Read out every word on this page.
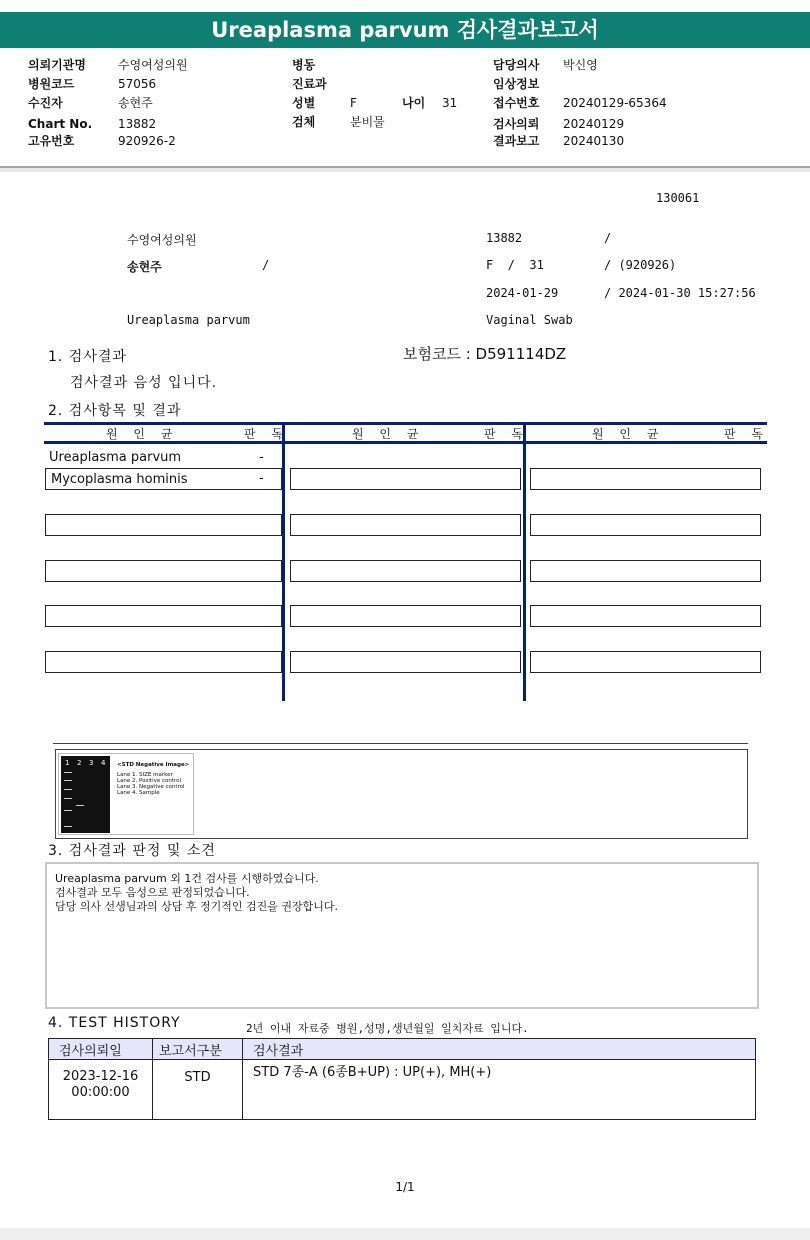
Ureaplasma parvum 검사결과보고서
의뢰기관명	수영여성의원
병원코드	57056
수진자	송현주
Chart No. 13882
고유번호	920926-2
병동
진료과
성별	F	나이 31
검체	분비물
담당의사 박신영
임상정보
접수번호 20240129-65364
검사의뢰 20240129
결과보고 20240130
130061
수영여성의원	13882	/
송현주	/	F  /  31	/ (920926)
2024-01-29	/ 2024-01-30 15:27:56
Ureaplasma parvum	Vaginal Swab
1. 검사결과	보험코드 : D591114DZ
검사결과 음성 입니다.
2. 검사항목 및 결과
원 인 균	판 독	원 인 균	판 독	원 인 균	판 독
Ureaplasma parvum	-
Mycoplasma hominis	-
1 2 3 4 <STD Negative Image>
Lane 1. SIZE marker
Lane 2. Positive control
Lane 3. Negative control
Lane 4. Sample
3. 검사결과 판정 및 소견
Ureaplasma parvum 외 1건 검사를 시행하였습니다.
검사결과 모두 음성으로 판정되었습니다.
담당 의사 선생님과의 상담 후 정기적인 검진을 권장합니다.
4. TEST HISTORY	2년 이내 자료중 병원,성명,생년월일 일치자료 입니다.
검사의뢰일	보고서구분	검사결과

2023-12-16
00:00:00	STD	STD 7종-A (6종B+UP) : UP(+), MH(+)
1/1
